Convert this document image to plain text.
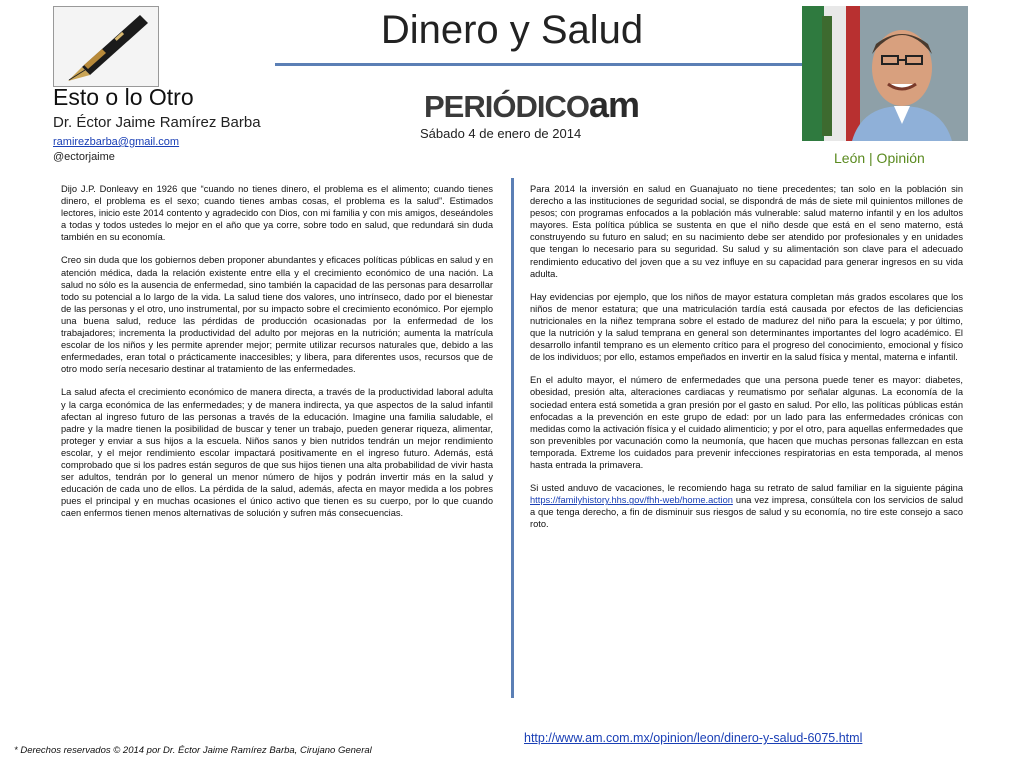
Dinero y Salud
Esto o lo Otro
Dr. Éctor Jaime Ramírez Barba
ramirezbarba@gmail.com
@ectorjaime
PERIÓDICOam
Sábado 4 de enero de 2014
León | Opinión

Dijo J.P. Donleavy en 1926 que “cuando no tienes dinero, el problema es el alimento; cuando tienes dinero, el problema es el sexo; cuando tienes ambas cosas, el problema es la salud”. Estimados lectores, inicio este 2014 contento y agradecido con Dios, con mi familia y con mis amigos, deseándoles a todas y todos ustedes lo mejor en el año que ya corre, sobre todo en salud, que redundará sin duda también en su economía.

Creo sin duda que los gobiernos deben proponer abundantes y eficaces políticas públicas en salud y en atención médica, dada la relación existente entre ella y el crecimiento económico de una nación. La salud no sólo es la ausencia de enfermedad, sino también la capacidad de las personas para desarrollar todo su potencial a lo largo de la vida. La salud tiene dos valores, uno intrínseco, dado por el bienestar de las personas y el otro, uno instrumental, por su impacto sobre el crecimiento económico. Por ejemplo una buena salud, reduce las pérdidas de producción ocasionadas por la enfermedad de los trabajadores; incrementa la productividad del adulto por mejoras en la nutrición; aumenta la matrícula escolar de los niños y les permite aprender mejor; permite utilizar recursos naturales que, debido a las enfermedades, eran total o prácticamente inaccesibles; y libera, para diferentes usos, recursos que de otro modo sería necesario destinar al tratamiento de las enfermedades.

La salud afecta el crecimiento económico de manera directa, a través de la productividad laboral adulta y la carga económica de las enfermedades; y de manera indirecta, ya que aspectos de la salud infantil afectan al ingreso futuro de las personas a través de la educación. Imagine una familia saludable, el padre y la madre tienen la posibilidad de buscar y tener un trabajo, pueden generar riqueza, alimentar, proteger y enviar a sus hijos a la escuela. Niños sanos y bien nutridos tendrán un mejor rendimiento escolar, y el mejor rendimiento escolar impactará positivamente en el ingreso futuro. Además, está comprobado que si los padres están seguros de que sus hijos tienen una alta probabilidad de vivir hasta ser adultos, tendrán por lo general un menor número de hijos y podrán invertir más en la salud y educación de cada uno de ellos. La pérdida de la salud, además, afecta en mayor medida a los pobres pues el principal y en muchas ocasiones el único activo que tienen es su cuerpo, por lo que cuando caen enfermos tienen menos alternativas de solución y sufren más consecuencias.

Para 2014 la inversión en salud en Guanajuato no tiene precedentes; tan solo en la población sin derecho a las instituciones de seguridad social, se dispondrá de más de siete mil quinientos millones de pesos; con programas enfocados a la población más vulnerable: salud materno infantil y en los adultos mayores. Esta política pública se sustenta en que el niño desde que está en el seno materno, está construyendo su futuro en salud; en su nacimiento debe ser atendido por profesionales y en unidades que tengan lo necesario para su seguridad. Su salud y su alimentación son clave para el adecuado rendimiento educativo del joven que a su vez influye en su capacidad para generar ingresos en su vida adulta.

Hay evidencias por ejemplo, que los niños de mayor estatura completan más grados escolares que los niños de menor estatura; que una matriculación tardía está causada por efectos de las deficiencias nutricionales en la niñez temprana sobre el estado de madurez del niño para la escuela; y por último, que la nutrición y la salud temprana en general son determinantes importantes del logro académico. El desarrollo infantil temprano es un elemento crítico para el progreso del conocimiento, emocional y físico de los individuos; por ello, estamos empeñados en invertir en la salud física y mental, materna e infantil.

En el adulto mayor, el número de enfermedades que una persona puede tener es mayor: diabetes, obesidad, presión alta, alteraciones cardiacas y reumatismo por señalar algunas. La economía de la sociedad entera está sometida a gran presión por el gasto en salud. Por ello, las políticas públicas están enfocadas a la prevención en este grupo de edad: por un lado para las enfermedades crónicas con medidas como la activación física y el cuidado alimenticio; y por el otro, para aquellas enfermedades que son prevenibles por vacunación como la neumonía, que hacen que muchas personas fallezcan en esta temporada. Extreme los cuidados para prevenir infecciones respiratorias en esta temporada, al menos hasta entrada la primavera.

Si usted anduvo de vacaciones, le recomiendo haga su retrato de salud familiar en la siguiente página https://familyhistory.hhs.gov/fhh-web/home.action una vez impresa, consúltela con los servicios de salud a que tenga derecho, a fin de disminuir sus riesgos de salud y su economía, no tire este consejo a saco roto.

http://www.am.com.mx/opinion/leon/dinero-y-salud-6075.html
* Derechos reservados © 2014 por Dr. Éctor Jaime Ramírez Barba, Cirujano General
